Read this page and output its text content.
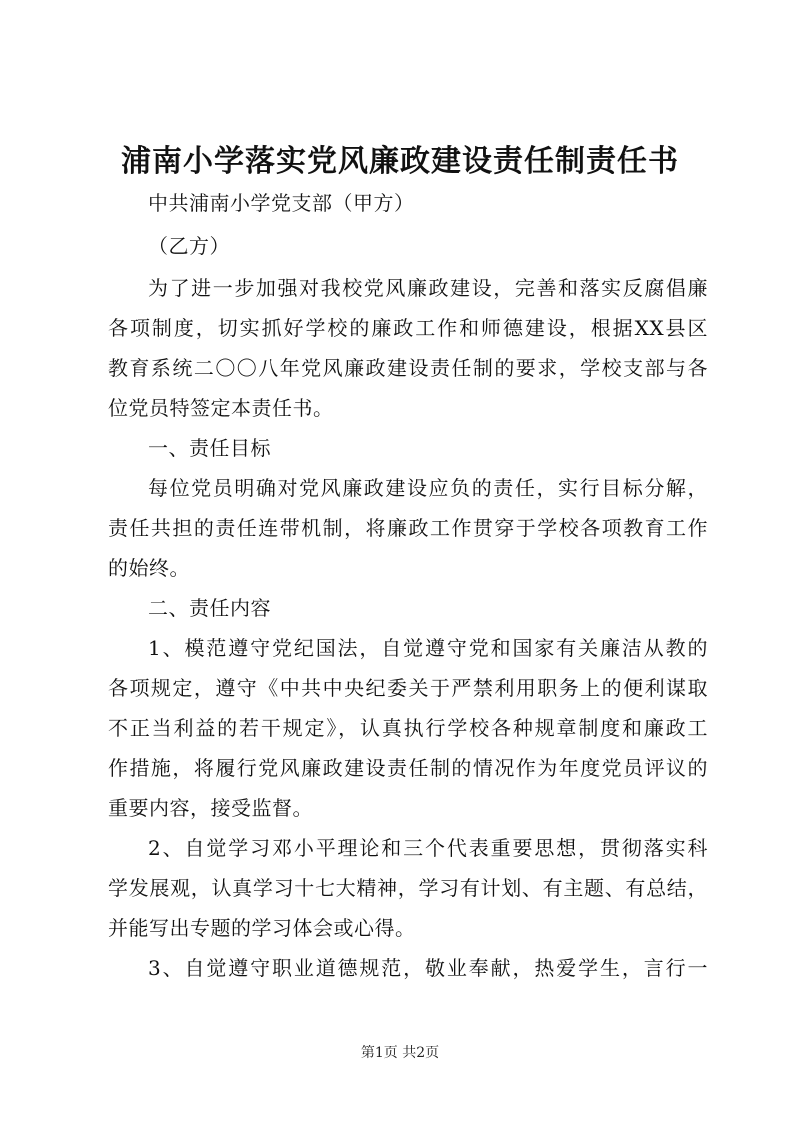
浦南小学落实党风廉政建设责任制责任书
中共浦南小学党支部（甲方）
（乙方）
为了进一步加强对我校党风廉政建设，完善和落实反腐倡廉
各项制度，切实抓好学校的廉政工作和师德建设，根据XX县区
教育系统二〇〇八年党风廉政建设责任制的要求，学校支部与各
位党员特签定本责任书。
一、责任目标
每位党员明确对党风廉政建设应负的责任，实行目标分解，
责任共担的责任连带机制，将廉政工作贯穿于学校各项教育工作
的始终。
二、责任内容
1、模范遵守党纪国法，自觉遵守党和国家有关廉洁从教的
各项规定，遵守《中共中央纪委关于严禁利用职务上的便利谋取
不正当利益的若干规定》，认真执行学校各种规章制度和廉政工
作措施，将履行党风廉政建设责任制的情况作为年度党员评议的
重要内容，接受监督。
2、自觉学习邓小平理论和三个代表重要思想，贯彻落实科
学发展观，认真学习十七大精神，学习有计划、有主题、有总结，
并能写出专题的学习体会或心得。
3、自觉遵守职业道德规范，敬业奉献，热爱学生，言行一
第1页 共2页
